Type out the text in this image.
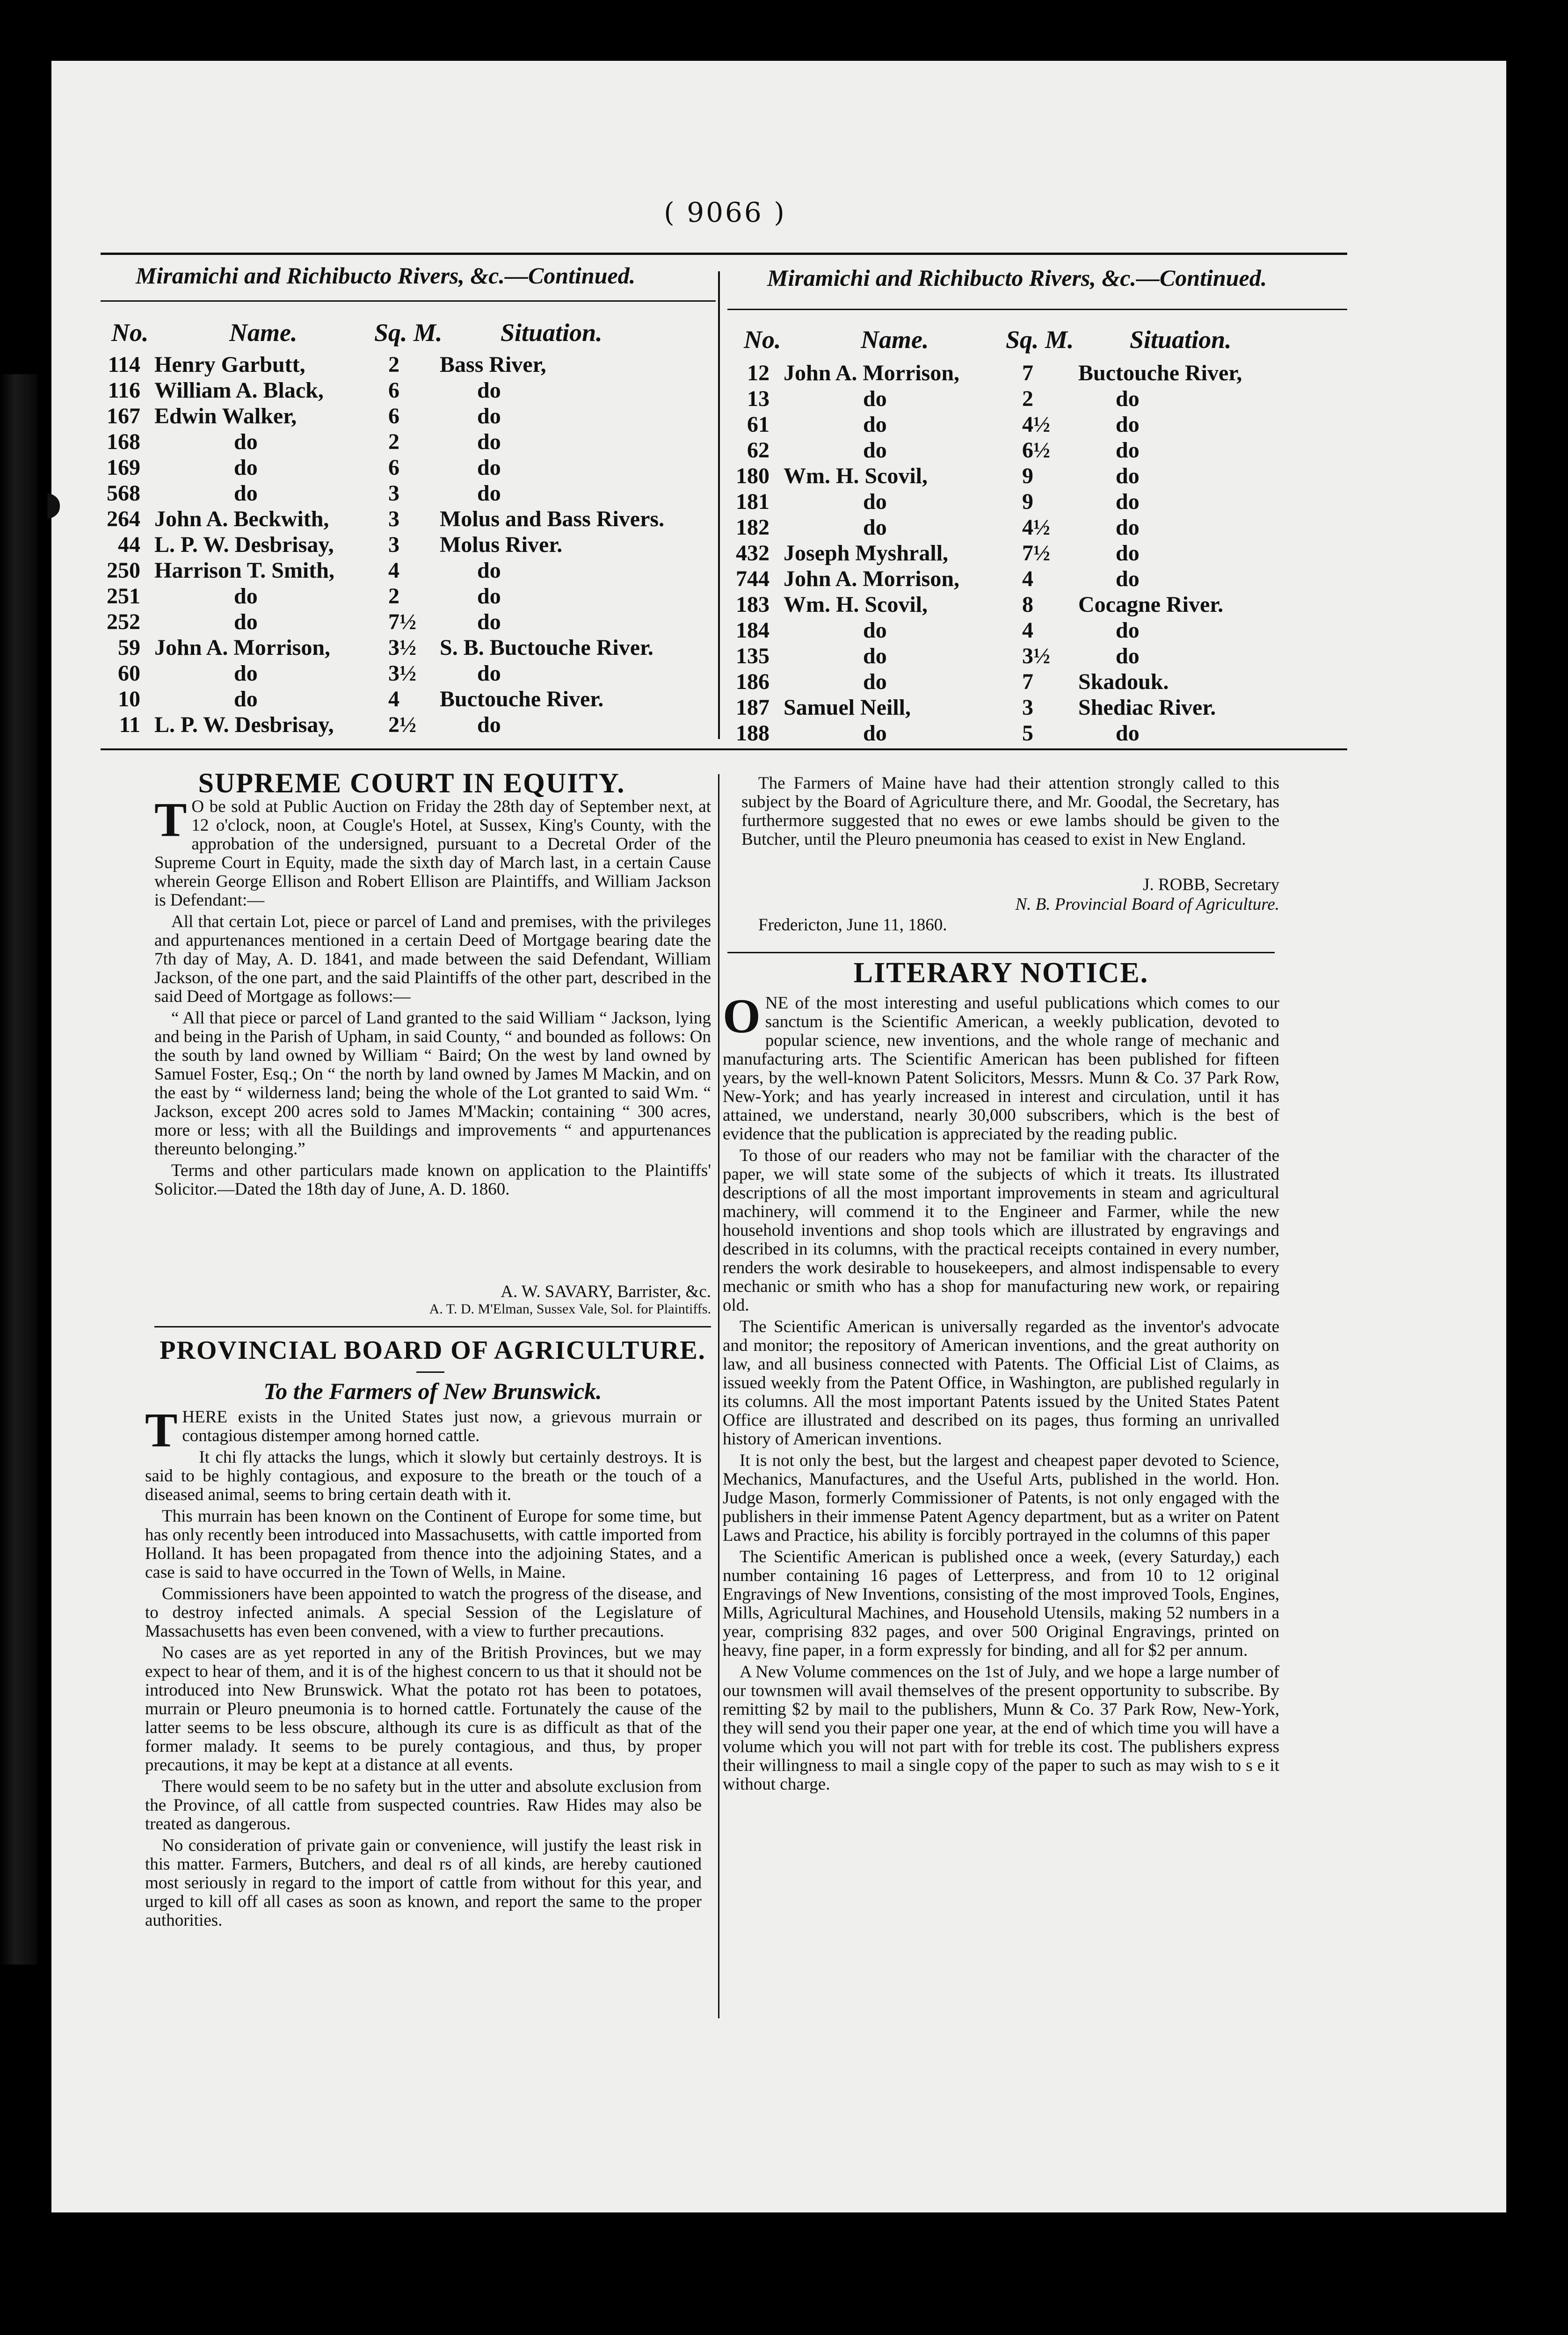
◗
( 9066 )
Miramichi and Richibucto Rivers, &c.—Continued.	Miramichi and Richibucto Rivers, &c.—Continued.
No.	Name.	Sq. M. Situation.	No.	Name.	Sq. M. Situation.
114	Henry Garbutt,	2	Bass River,
116	William A. Black,	6	do
167	Edwin Walker,	6	do
168	do	2	do
169	do	6	do
568	do	3	do
264	John A. Beckwith,	3	Molus and Bass Rivers.
44	L. P. W. Desbrisay,	3	Molus River.
250	Harrison T. Smith,	4	do
251	do	2	do
252	do	7½	do
59	John A. Morrison,	3½	S. B. Buctouche River.
60	do	3½	do
10	do	4	Buctouche River.
11	L. P. W. Desbrisay,	2½	do
12	John A. Morrison,	7	Buctouche River,
13	do	2	do
61	do	4½	do
62	do	6½	do
180	Wm. H. Scovil,	9	do
181	do	9	do
182	do	4½	do
432	Joseph Myshrall,	7½	do
744	John A. Morrison,	4	do
183	Wm. H. Scovil,	8	Cocagne River.
184	do	4	do
135	do	3½	do
186	do	7	Skadouk.
187	Samuel Neill,	3	Shediac River.
188	do	5	do
SUPREME COURT IN EQUITY.

T O be sold at Public Auction on Friday the 28th day of September next, at 12 o'clock, noon, at Cougle's Hotel, at Sussex, King's County, with the approbation of the undersigned, pursuant to a Decretal Order of the Supreme Court in Equity, made the sixth day of March last, in a certain Cause wherein George Ellison and Robert Ellison are Plaintiffs, and William Jackson is Defendant:—

All that certain Lot, piece or parcel of Land and premises, with the privileges and appurtenances mentioned in a certain Deed of Mortgage bearing date the 7th day of May, A. D. 1841, and made between the said Defendant, William Jackson, of the one part, and the said Plaintiffs of the other part, described in the said Deed of Mortgage as follows:—

“ All that piece or parcel of Land granted to the said William “ Jackson, lying and being in the Parish of Upham, in said County, “ and bounded as follows: On the south by land owned by William “ Baird; On the west by land owned by Samuel Foster, Esq.; On “ the north by land owned by James M Mackin, and on the east by “ wilderness land; being the whole of the Lot granted to said Wm. “ Jackson, except 200 acres sold to James M'Mackin; containing “ 300 acres, more or less; with all the Buildings and improvements “ and appurtenances thereunto belonging.”

Terms and other particulars made known on application to the Plaintiffs' Solicitor.—Dated the 18th day of June, A. D. 1860.

A. W. SAVARY, Barrister, &c.
A. T. D. M'Elman, Sussex Vale, Sol. for Plaintiffs.
PROVINCIAL BOARD OF AGRICULTURE.
To the Farmers of New Brunswick.

THERE exists in the United States just now, a grievous murrain or contagious distemper among horned cattle.

It chi fly attacks the lungs, which it slowly but certainly destroys. It is said to be highly contagious, and exposure to the breath or the touch of a diseased animal, seems to bring certain death with it.

This murrain has been known on the Continent of Europe for some time, but has only recently been introduced into Massachusetts, with cattle imported from Holland. It has been propagated from thence into the adjoining States, and a case is said to have occurred in the Town of Wells, in Maine.

Commissioners have been appointed to watch the progress of the disease, and to destroy infected animals. A special Session of the Legislature of Massachusetts has even been convened, with a view to further precautions.

No cases are as yet reported in any of the British Provinces, but we may expect to hear of them, and it is of the highest concern to us that it should not be introduced into New Brunswick. What the potato rot has been to potatoes, murrain or Pleuro pneumonia is to horned cattle. Fortunately the cause of the latter seems to be less obscure, although its cure is as difficult as that of the former malady. It seems to be purely contagious, and thus, by proper precautions, it may be kept at a distance at all events.

There would seem to be no safety but in the utter and absolute exclusion from the Province, of all cattle from suspected countries. Raw Hides may also be treated as dangerous.

No consideration of private gain or convenience, will justify the least risk in this matter. Farmers, Butchers, and deal rs of all kinds, are hereby cautioned most seriously in regard to the import of cattle from without for this year, and urged to kill off all cases as soon as known, and report the same to the proper authorities.

The Farmers of Maine have had their attention strongly called to this subject by the Board of Agriculture there, and Mr. Goodal, the Secretary, has furthermore suggested that no ewes or ewe lambs should be given to the Butcher, until the Pleuro pneumonia has ceased to exist in New England.

J. ROBB, Secretary
N. B. Provincial Board of Agriculture.

Fredericton, June 11, 1860.

LITERARY NOTICE.

ONE of the most interesting and useful publications which comes to our sanctum is the Scientific American, a weekly publication, devoted to popular science, new inventions, and the whole range of mechanic and manufacturing arts. The Scientific American has been published for fifteen years, by the well-known Patent Solicitors, Messrs. Munn & Co. 37 Park Row, New-York; and has yearly increased in interest and circulation, until it has attained, we understand, nearly 30,000 subscribers, which is the best of evidence that the publication is appreciated by the reading public.

To those of our readers who may not be familiar with the character of the paper, we will state some of the subjects of which it treats. Its illustrated descriptions of all the most important improvements in steam and agricultural machinery, will commend it to the Engineer and Farmer, while the new household inventions and shop tools which are illustrated by engravings and described in its columns, with the practical receipts contained in every number, renders the work desirable to housekeepers, and almost indispensable to every mechanic or smith who has a shop for manufacturing new work, or repairing old.

The Scientific American is universally regarded as the inventor's advocate and monitor; the repository of American inventions, and the great authority on law, and all business connected with Patents. The Official List of Claims, as issued weekly from the Patent Office, in Washington, are published regularly in its columns. All the most important Patents issued by the United States Patent Office are illustrated and described on its pages, thus forming an unrivalled history of American inventions.

It is not only the best, but the largest and cheapest paper devoted to Science, Mechanics, Manufactures, and the Useful Arts, published in the world. Hon. Judge Mason, formerly Commissioner of Patents, is not only engaged with the publishers in their immense Patent Agency department, but as a writer on Patent Laws and Practice, his ability is forcibly portrayed in the columns of this paper

The Scientific American is published once a week, (every Saturday,) each number containing 16 pages of Letterpress, and from 10 to 12 original Engravings of New Inventions, consisting of the most improved Tools, Engines, Mills, Agricultural Machines, and Household Utensils, making 52 numbers in a year, comprising 832 pages, and over 500 Original Engravings, printed on heavy, fine paper, in a form expressly for binding, and all for $2 per annum.

A New Volume commences on the 1st of July, and we hope a large number of our townsmen will avail themselves of the present opportunity to subscribe. By remitting $2 by mail to the publishers, Munn & Co. 37 Park Row, New-York, they will send you their paper one year, at the end of which time you will have a volume which you will not part with for treble its cost. The publishers express their willingness to mail a single copy of the paper to such as may wish to s e it without charge.
